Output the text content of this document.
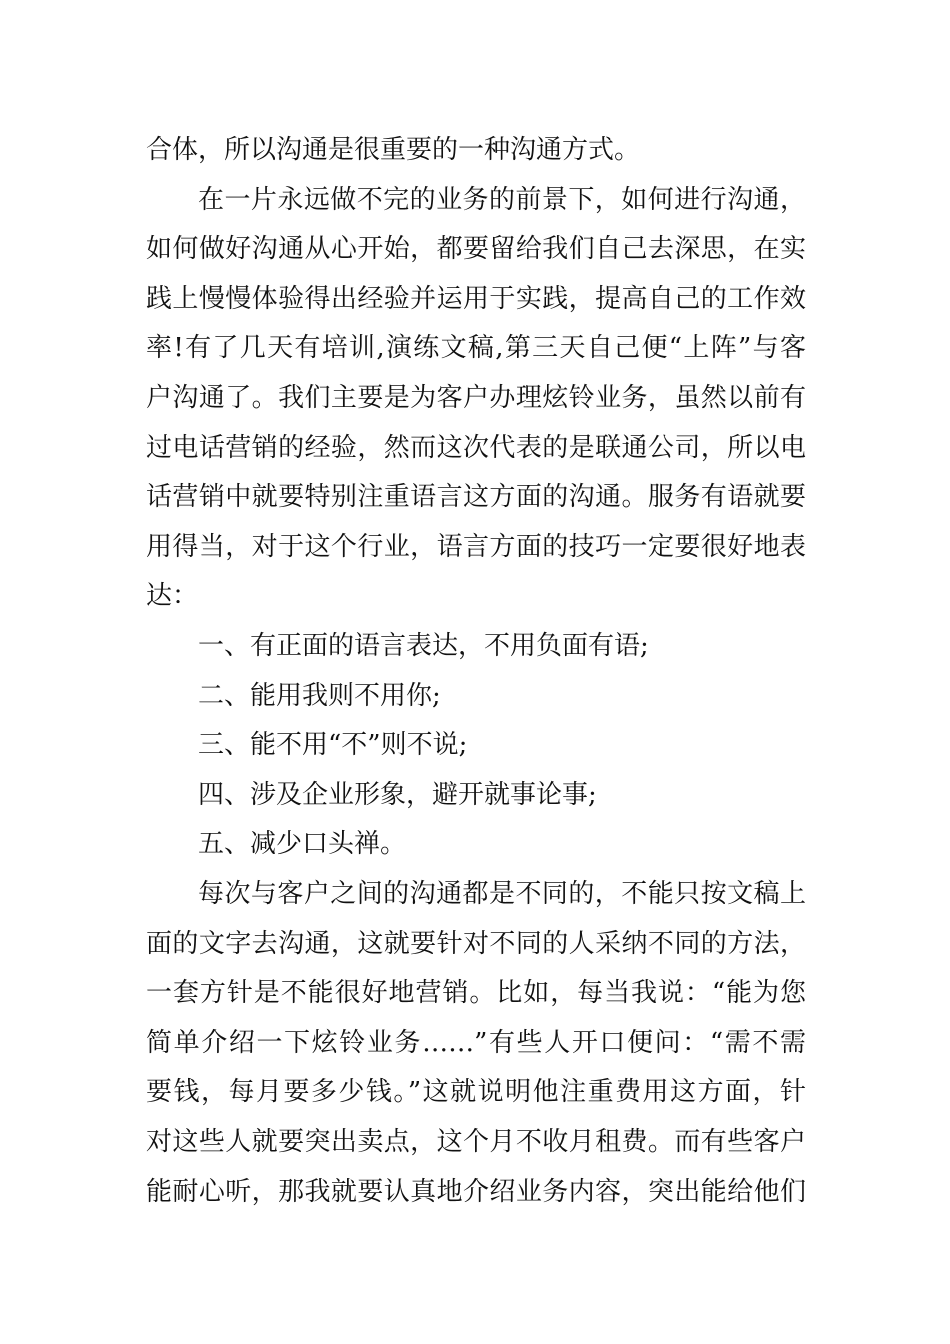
合体，所以沟通是很重要的一种沟通方式。
在一片永远做不完的业务的前景下，如何进行沟通，
如何做好沟通从心开始，都要留给我们自己去深思，在实
践上慢慢体验得出经验并运用于实践，提高自己的工作效
率!有了几天有培训,演练文稿,第三天自己便“上阵”与客
户沟通了。我们主要是为客户办理炫铃业务，虽然以前有
过电话营销的经验，然而这次代表的是联通公司，所以电
话营销中就要特别注重语言这方面的沟通。服务有语就要
用得当，对于这个行业，语言方面的技巧一定要很好地表
达：
一、有正面的语言表达，不用负面有语;
二、能用我则不用你;
三、能不用“不”则不说;
四、涉及企业形象，避开就事论事;
五、减少口头禅。
每次与客户之间的沟通都是不同的，不能只按文稿上
面的文字去沟通，这就要针对不同的人采纳不同的方法，
一套方针是不能很好地营销。比如，每当我说：“能为您
简单介绍一下炫铃业务……”有些人开口便问：“需不需
要钱，每月要多少钱。”这就说明他注重费用这方面，针
对这些人就要突出卖点，这个月不收月租费。而有些客户
能耐心听，那我就要认真地介绍业务内容，突出能给他们
